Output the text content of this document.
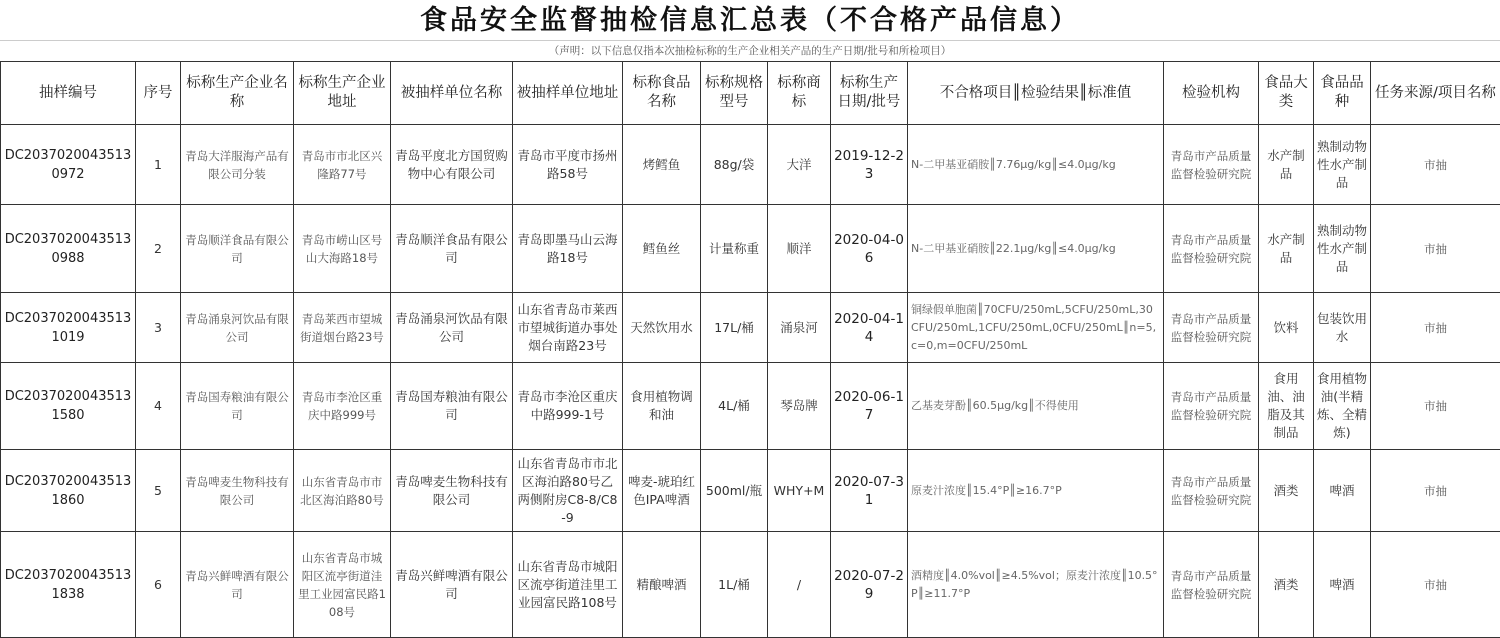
食品安全监督抽检信息汇总表（不合格产品信息）
（声明：以下信息仅指本次抽检标称的生产企业相关产品的生产日期/批号和所检项目）
抽样编号	序号	标称生产企业名称	标称生产企业地址	被抽样单位名称	被抽样单位地址	标称食品名称	标称规格型号	标称商标	标称生产日期/批号	不合格项目║检验结果║标准值	检验机构	食品大类	食品品种	任务来源/项目名称
DC20370200435130972	1	青岛大洋服海产品有限公司分装	青岛市市北区兴隆路77号	青岛平度北方国贸购物中心有限公司	青岛市平度市扬州路58号	烤鳕鱼	88g/袋	大洋	2019-12-23	N-二甲基亚硝胺║7.76μg/kg║≤4.0μg/kg	青岛市产品质量监督检验研究院	水产制品	熟制动物性水产制品	市抽
DC20370200435130988	2	青岛顺洋食品有限公司	青岛市崂山区号山大海路18号	青岛顺洋食品有限公司	青岛即墨马山云海路18号	鳕鱼丝	计量称重	顺洋	2020-04-06	N-二甲基亚硝胺║22.1μg/kg║≤4.0μg/kg	青岛市产品质量监督检验研究院	水产制品	熟制动物性水产制品	市抽
DC20370200435131019	3	青岛涌泉河饮品有限公司	青岛莱西市望城街道烟台路23号	青岛涌泉河饮品有限公司	山东省青岛市莱西市望城街道办事处烟台南路23号	天然饮用水	17L/桶	涌泉河	2020-04-14	铜绿假单胞菌║70CFU/250mL,5CFU/250mL,30CFU/250mL,1CFU/250mL,0CFU/250mL║n=5,c=0,m=0CFU/250mL	青岛市产品质量监督检验研究院	饮料	包装饮用水	市抽
DC20370200435131580	4	青岛国寿粮油有限公司	青岛市李沧区重庆中路999号	青岛国寿粮油有限公司	青岛市李沧区重庆中路999-1号	食用植物调和油	4L/桶	琴岛牌	2020-06-17	乙基麦芽酚║60.5μg/kg║不得使用	青岛市产品质量监督检验研究院	食用油、油脂及其制品	食用植物油(半精炼、全精炼)	市抽
DC20370200435131860	5	青岛啤麦生物科技有限公司	山东省青岛市市北区海泊路80号	青岛啤麦生物科技有限公司	山东省青岛市市北区海泊路80号乙两侧附房C8-8/C8-9	啤麦-琥珀红色IPA啤酒	500ml/瓶	WHY+M	2020-07-31	原麦汁浓度║15.4°P║≥16.7°P	青岛市产品质量监督检验研究院	酒类	啤酒	市抽
DC20370200435131838	6	青岛兴鲜啤酒有限公司	山东省青岛市城阳区流亭街道洼里工业园富民路108号	青岛兴鲜啤酒有限公司	山东省青岛市城阳区流亭街道洼里工业园富民路108号	精酿啤酒	1L/桶	/	2020-07-29	酒精度║4.0%vol║≥4.5%vol；原麦汁浓度║10.5°P║≥11.7°P	青岛市产品质量监督检验研究院	酒类	啤酒	市抽
